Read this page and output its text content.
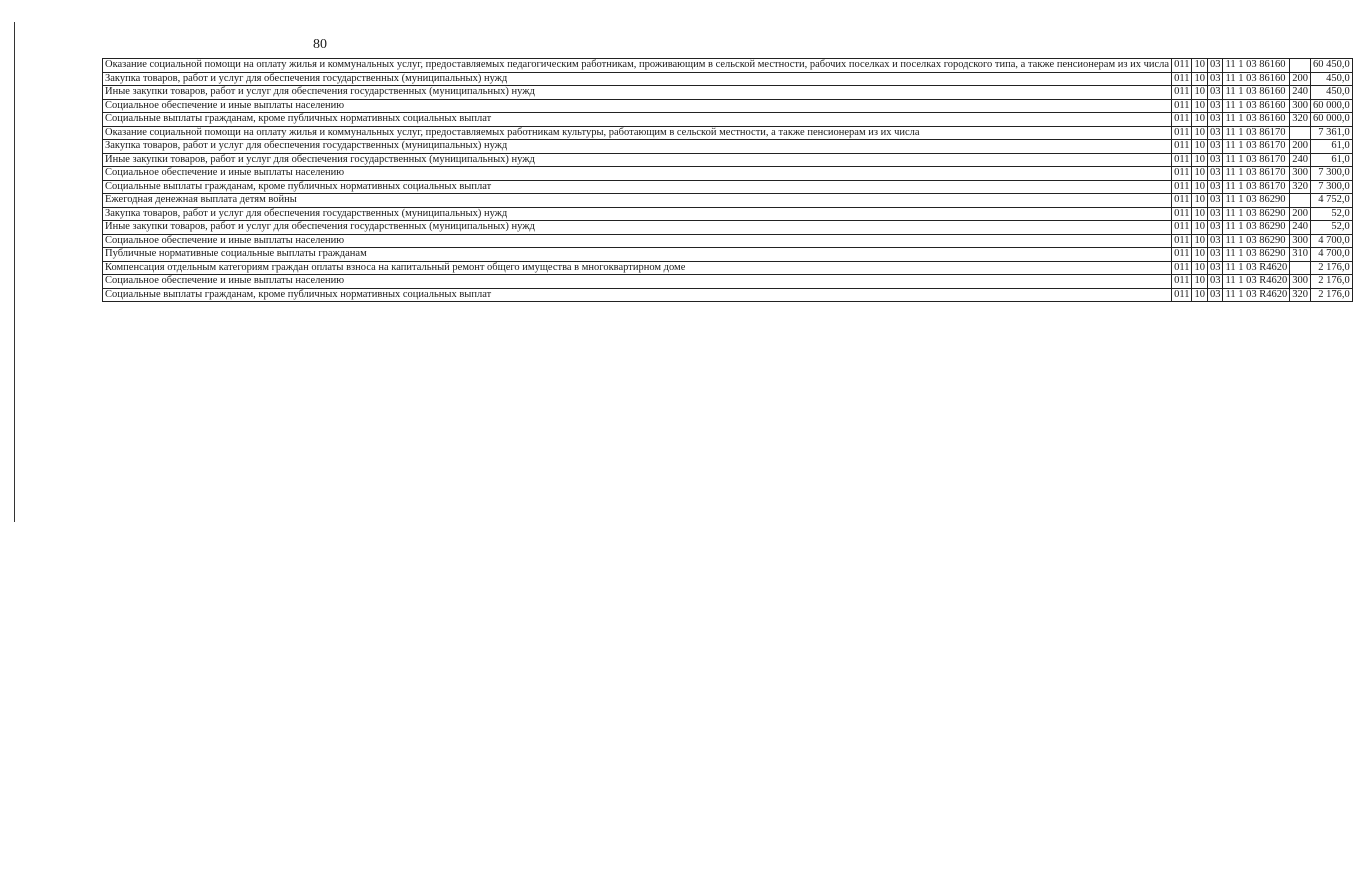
80
Оказание социальной помощи на оплату жилья и коммунальных услуг, предоставляемых педагогическим работникам, проживающим в сельской местности, рабочих поселках и поселках городского типа, а также пенсионерам из их числа	011	10	03	11 1 03 86160		60 450,0
Закупка товаров, работ и услуг для обеспечения государственных (муниципальных) нужд	011	10	03	11 1 03 86160	200	450,0
Иные закупки товаров, работ и услуг для обеспечения государственных (муниципальных) нужд	011	10	03	11 1 03 86160	240	450,0
Социальное обеспечение и иные выплаты населению	011	10	03	11 1 03 86160	300	60 000,0
Социальные выплаты гражданам, кроме публичных нормативных социальных выплат	011	10	03	11 1 03 86160	320	60 000,0
Оказание социальной помощи на оплату жилья и коммунальных услуг, предоставляемых работникам культуры, работающим в сельской местности, а также пенсионерам из их числа	011	10	03	11 1 03 86170		7 361,0
Закупка товаров, работ и услуг для обеспечения государственных (муниципальных) нужд	011	10	03	11 1 03 86170	200	61,0
Иные закупки товаров, работ и услуг для обеспечения государственных (муниципальных) нужд	011	10	03	11 1 03 86170	240	61,0
Социальное обеспечение и иные выплаты населению	011	10	03	11 1 03 86170	300	7 300,0
Социальные выплаты гражданам, кроме публичных нормативных социальных выплат	011	10	03	11 1 03 86170	320	7 300,0
Ежегодная денежная выплата детям войны	011	10	03	11 1 03 86290		4 752,0
Закупка товаров, работ и услуг для обеспечения государственных (муниципальных) нужд	011	10	03	11 1 03 86290	200	52,0
Иные закупки товаров, работ и услуг для обеспечения государственных (муниципальных) нужд	011	10	03	11 1 03 86290	240	52,0
Социальное обеспечение и иные выплаты населению	011	10	03	11 1 03 86290	300	4 700,0
Публичные нормативные социальные выплаты гражданам	011	10	03	11 1 03 86290	310	4 700,0
Компенсация отдельным категориям граждан оплаты взноса на капитальный ремонт общего имущества в многоквартирном доме	011	10	03	11 1 03 R4620		2 176,0
Социальное обеспечение и иные выплаты населению	011	10	03	11 1 03 R4620	300	2 176,0
Социальные выплаты гражданам, кроме публичных нормативных социальных выплат	011	10	03	11 1 03 R4620	320	2 176,0
